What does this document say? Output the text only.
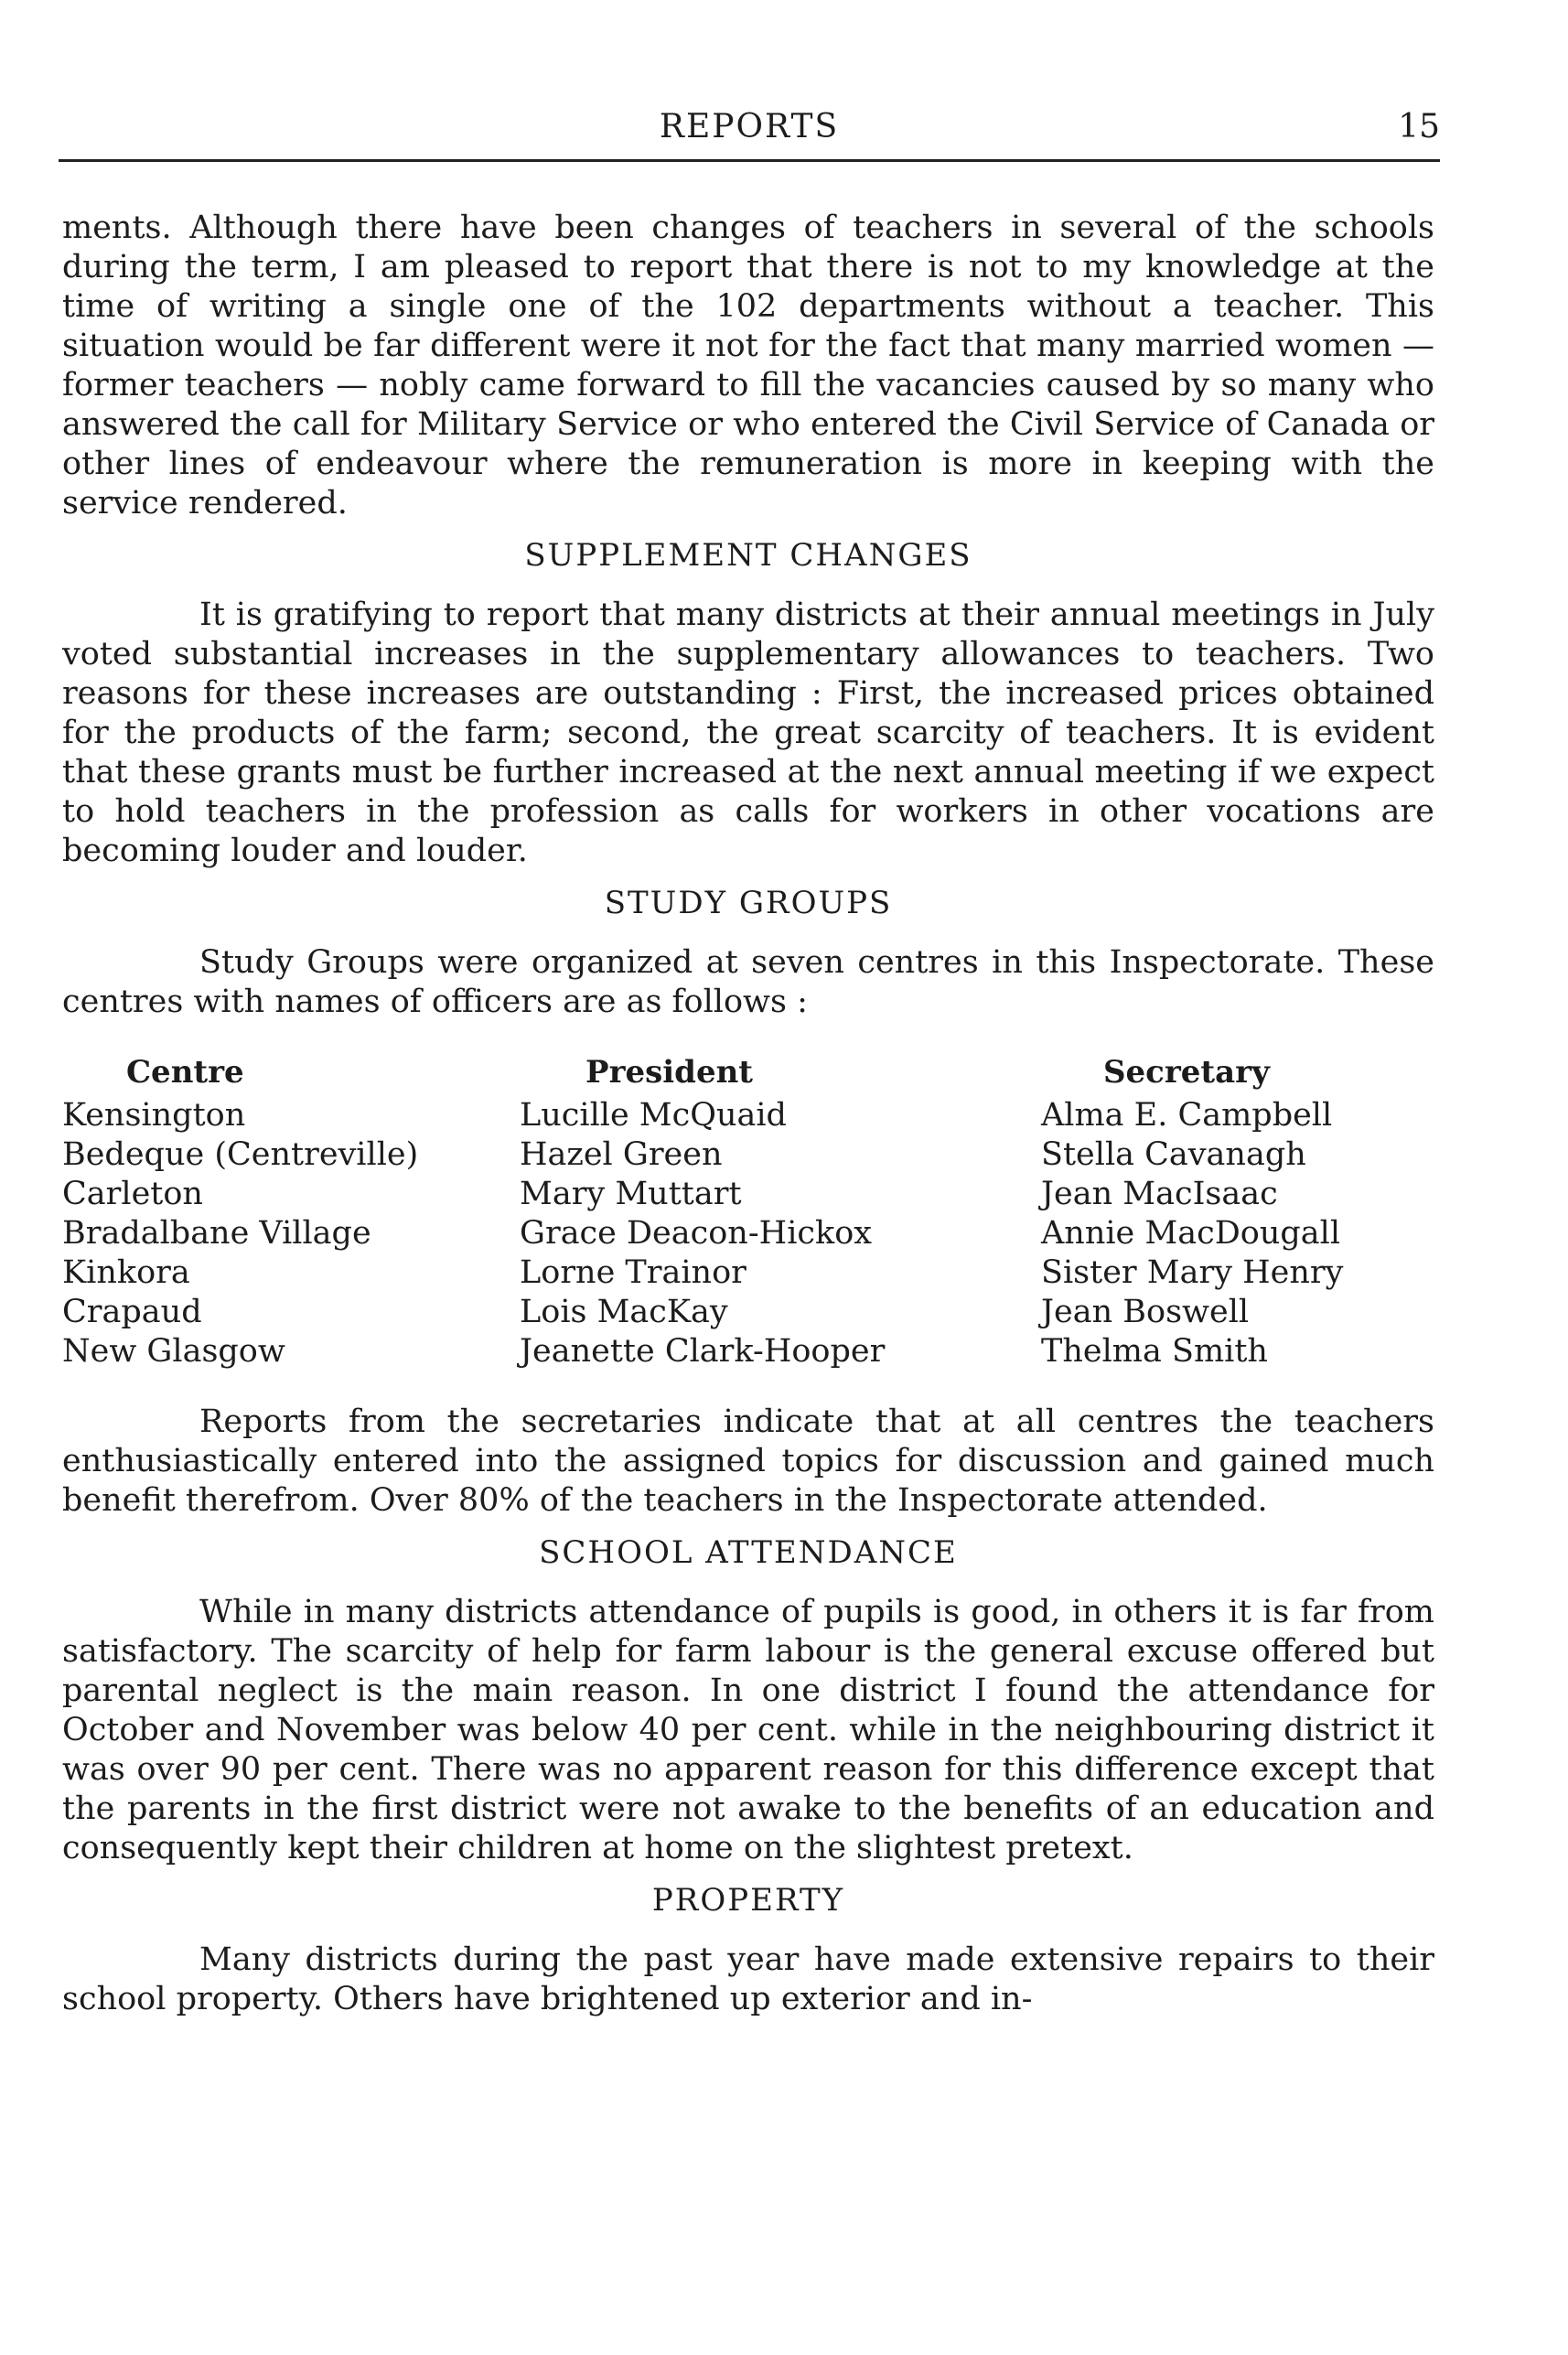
REPORTS	15

ments. Although there have been changes of teachers in several of the schools during the term, I am pleased to report that there is not to my knowledge at the time of writing a single one of the 102 departments without a teacher. This situation would be far different were it not for the fact that many married women — former teachers — nobly came forward to fill the vacancies caused by so many who answered the call for Military Service or who entered the Civil Service of Canada or other lines of endeavour where the remuneration is more in keeping with the service rendered.

SUPPLEMENT CHANGES

It is gratifying to report that many districts at their annual meetings in July voted substantial increases in the supplementary allowances to teachers. Two reasons for these increases are outstanding : First, the increased prices obtained for the products of the farm; second, the great scarcity of teachers. It is evident that these grants must be further increased at the next annual meeting if we expect to hold teachers in the profession as calls for workers in other vocations are becoming louder and louder.

STUDY GROUPS

Study Groups were organized at seven centres in this Inspectorate. These centres with names of officers are as follows :

Centre	President	Secretary
Kensington	Lucille McQuaid	Alma E. Campbell
Bedeque (Centreville)	Hazel Green	Stella Cavanagh
Carleton	Mary Muttart	Jean MacIsaac
Bradalbane Village	Grace Deacon-Hickox	Annie MacDougall
Kinkora	Lorne Trainor	Sister Mary Henry
Crapaud	Lois MacKay	Jean Boswell
New Glasgow	Jeanette Clark-Hooper	Thelma Smith

Reports from the secretaries indicate that at all centres the teachers enthusiastically entered into the assigned topics for discussion and gained much benefit therefrom. Over 80% of the teachers in the Inspectorate attended.

SCHOOL ATTENDANCE

While in many districts attendance of pupils is good, in others it is far from satisfactory. The scarcity of help for farm labour is the general excuse offered but parental neglect is the main reason. In one district I found the attendance for October and November was below 40 per cent. while in the neighbouring district it was over 90 per cent. There was no apparent reason for this difference except that the parents in the first district were not awake to the benefits of an education and consequently kept their children at home on the slightest pretext.

PROPERTY

Many districts during the past year have made extensive repairs to their school property. Others have brightened up exterior and in-
